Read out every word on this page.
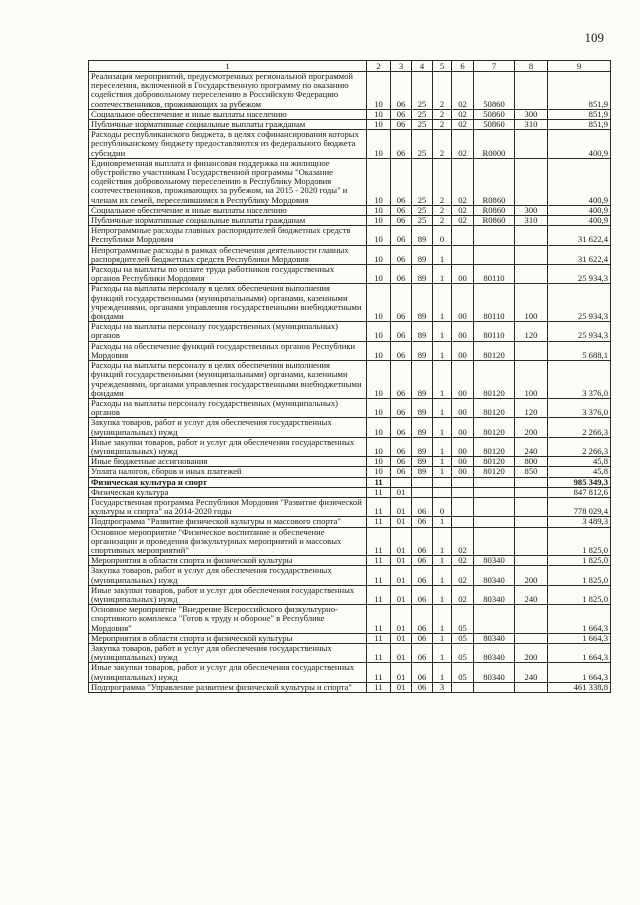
109
1	2	3	4	5	6	7	8	9
Реализация мероприятий, предусмотренных региональной программой переселения, включенной в Государственную программу по оказанию содействия добровольному переселению в Российскую Федерацию соотечественников, проживающих за рубежом	10	06	25	2	02	50860		851,9
Социальное обеспечение и иные выплаты населению	10	06	25	2	02	50860	300	851,9
Публичные нормативные социальные выплаты гражданам	10	06	25	2	02	50860	310	851,9
Расходы республиканского бюджета, в целях софинансирования которых республиканскому бюджету предоставляются из федерального бюджета субсидии	10	06	25	2	02	R0000		400,9
Единовременная выплата и финансовая поддержка на жилищное обустройство участникам Государственной программы "Оказание содействия добровольному переселению в Республику Мордовия соотечественников, проживающих за рубежом, на 2015 - 2020 годы" и членам их семей, переселившимся в Республику Мордовия	10	06	25	2	02	R0860		400,9
Социальное обеспечение и иные выплаты населению	10	06	25	2	02	R0860	300	400,9
Публичные нормативные социальные выплаты гражданам	10	06	25	2	02	R0860	310	400,9
Непрограммные расходы главных распорядителей бюджетных средств Республики Мордовия	10	06	89	0				31 622,4
Непрограммные расходы в рамках обеспечения деятельности главных распорядителей бюджетных средств Республики Мордовия	10	06	89	1				31 622,4
Расходы на выплаты по оплате труда работников государственных органов Республики Мордовия	10	06	89	1	00	80110		25 934,3
Расходы на выплаты персоналу в целях обеспечения выполнения функций государственными (муниципальными) органами, казенными учреждениями, органами управления государственными внебюджетными фондами	10	06	89	1	00	80110	100	25 934,3
Расходы на выплаты персоналу государственных (муниципальных) органов	10	06	89	1	00	80110	120	25 934,3
Расходы на обеспечение функций государственных органов Республики Мордовия	10	06	89	1	00	80120		5 688,1
Расходы на выплаты персоналу в целях обеспечения выполнения функций государственными (муниципальными) органами, казенными учреждениями, органами управления государственными внебюджетными фондами	10	06	89	1	00	80120	100	3 376,0
Расходы на выплаты персоналу государственных (муниципальных) органов	10	06	89	1	00	80120	120	3 376,0
Закупка товаров, работ и услуг для обеспечения государственных (муниципальных) нужд	10	06	89	1	00	80120	200	2 266,3
Иные закупки товаров, работ и услуг для обеспечения государственных (муниципальных) нужд	10	06	89	1	00	80120	240	2 266,3
Иные бюджетные ассигнования	10	06	89	1	00	80120	800	45,8
Уплата налогов, сборов и иных платежей	10	06	89	1	00	80120	850	45,8
Физическая культура и спорт	11							985 349,3
Физическая культура	11	01						847 812,6
Государственная программа Республики Мордовия "Развитие физической культуры и спорта" на 2014-2020 годы	11	01	06	0				778 029,4
Подпрограмма "Развитие физической культуры и массового спорта"	11	01	06	1				3 489,3
Основное мероприятие "Физическое воспитание и обеспечение организации и проведения физкультурных мероприятий и массовых спортивных мероприятий"	11	01	06	1	02			1 825,0
Мероприятия в области спорта и физической культуры	11	01	06	1	02	80340		1 825,0
Закупка товаров, работ и услуг для обеспечения государственных (муниципальных) нужд	11	01	06	1	02	80340	200	1 825,0
Иные закупки товаров, работ и услуг для обеспечения государственных (муниципальных) нужд	11	01	06	1	02	80340	240	1 825,0
Основное мероприятие "Внедрение Всероссийского физкультурно-спортивного комплекса "Готов к труду и обороне" в Республике Мордовия"	11	01	06	1	05			1 664,3
Мероприятия в области спорта и физической культуры	11	01	06	1	05	80340		1 664,3
Закупка товаров, работ и услуг для обеспечения государственных (муниципальных) нужд	11	01	06	1	05	80340	200	1 664,3
Иные закупки товаров, работ и услуг для обеспечения государственных (муниципальных) нужд	11	01	06	1	05	80340	240	1 664,3
Подпрограмма "Управление развитием физической культуры и спорта"	11	01	06	3				461 338,8
